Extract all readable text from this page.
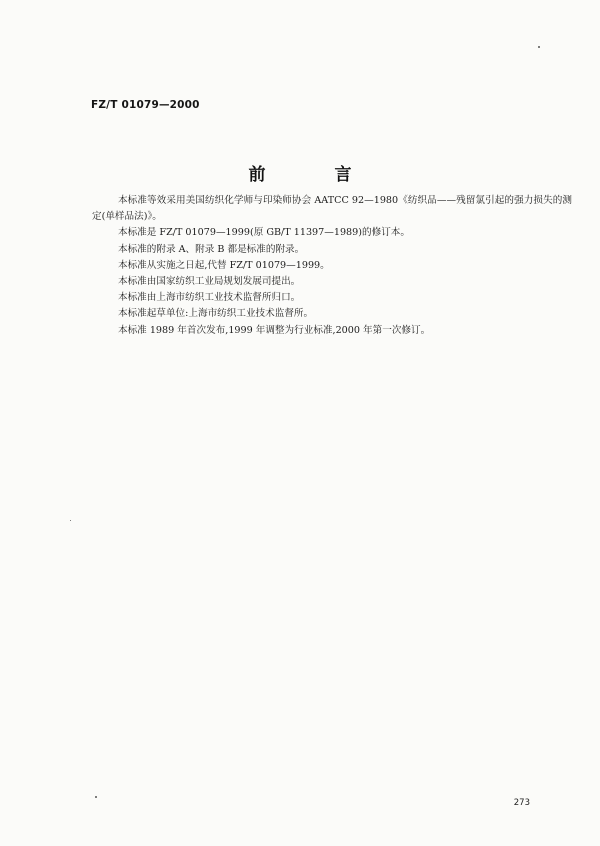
FZ/T 01079—2000
前　言

本标准等效采用美国纺织化学师与印染师协会 AATCC 92—1980《纺织品——残留氯引起的强力损失的测定(单样品法)》。

本标准是 FZ/T 01079—1999(原 GB/T 11397—1989)的修订本。

本标准的附录 A、附录 B 都是标准的附录。

本标准从实施之日起,代替 FZ/T 01079—1999。

本标准由国家纺织工业局规划发展司提出。

本标准由上海市纺织工业技术监督所归口。

本标准起草单位:上海市纺织工业技术监督所。

本标准 1989 年首次发布,1999 年调整为行业标准,2000 年第一次修订。

273
